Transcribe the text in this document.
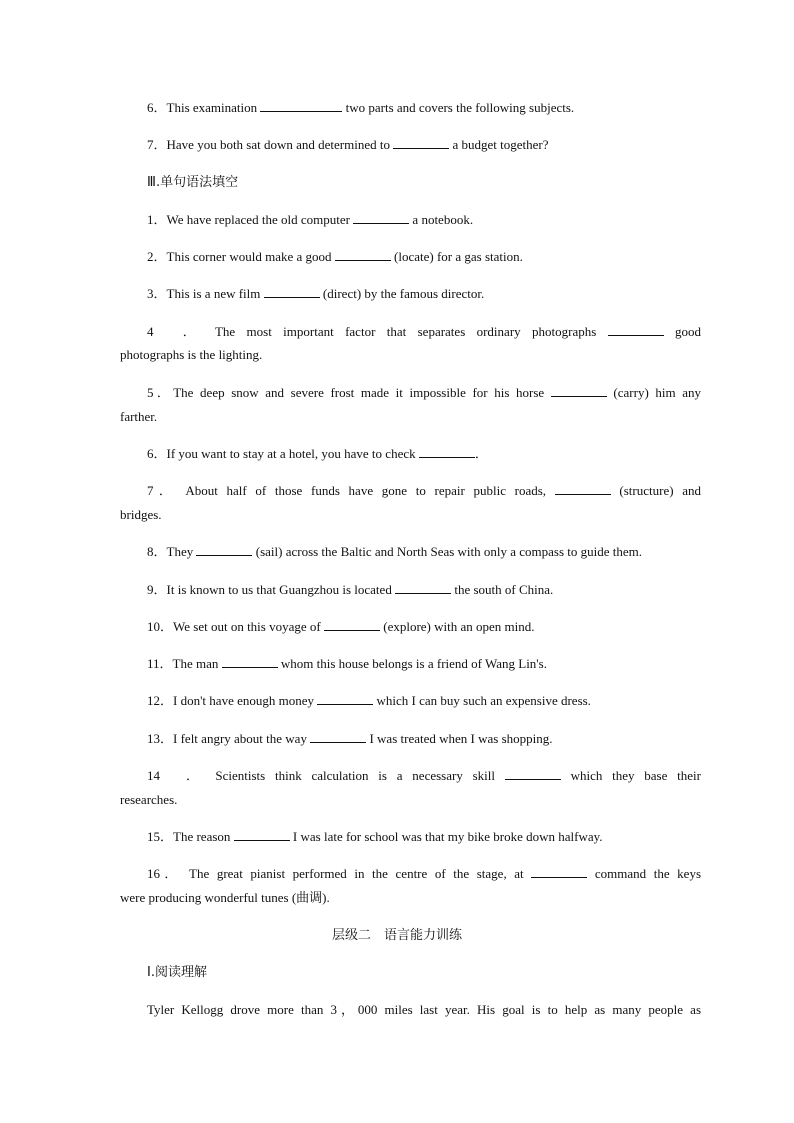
6．This examination	two parts and covers the following subjects.
7．Have you both sat down and determined to	a budget together?
Ⅲ.单句语法填空
1．We have replaced the old computer	a notebook.
2．This corner would make a good	(locate) for a gas station.
3．This is a new film	(direct) by the famous director.
4　． The most important factor that separates ordinary photographs	good
photographs is the lighting.
5．The deep snow and severe frost made it impossible for his horse	(carry) him any
farther.
6．If you want to stay at a hotel, you have to check	．
7． About half of those funds have gone to repair public roads,	(structure) and
bridges.
8．They	(sail) across the Baltic and North Seas with only a compass to guide them.
9．It is known to us that Guangzhou is located	the south of China.
10．We set out on this voyage of	(explore) with an open mind.
11．The man	whom this house belongs is a friend of Wang Lin's.
12．I don't have enough money	which I can buy such an expensive dress.
13．I felt angry about the way	I was treated when I was shopping.
14　． Scientists think calculation is a necessary skill	which they base their
researches.
15．The reason	I was late for school was that my bike broke down halfway.
16． The great pianist performed in the centre of the stage, at	command the keys
were producing wonderful tunes (曲调).
层级二　语言能力训练
Ⅰ.阅读理解
Tyler Kellogg drove more than 3，000 miles last year. His goal is to help as many people as
